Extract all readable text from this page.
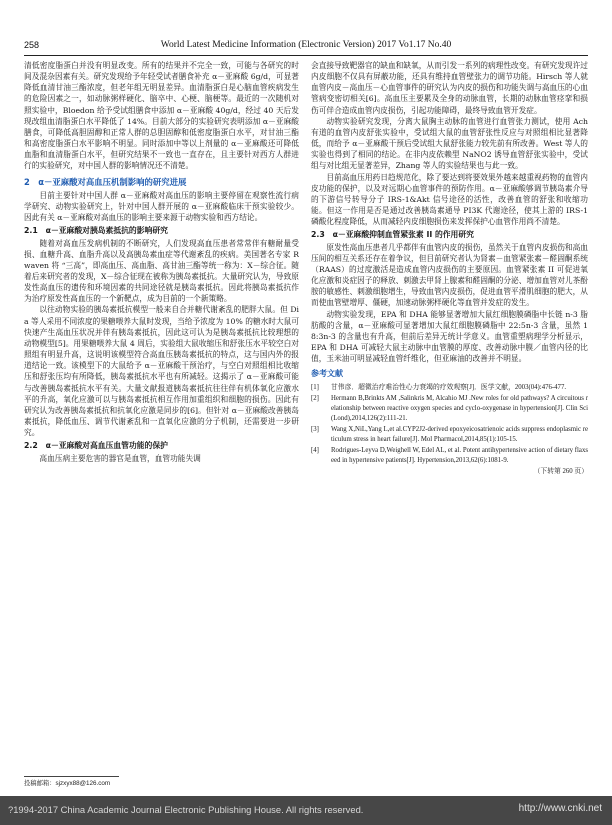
258	World Latest Medicine Information (Electronic Version) 2017 Vo1.17 No.40

清低密度脂蛋白并没有明显改变。所有的结果并不完全一致，可能与各研究的时间及混杂因素有关。研究发现给予年轻受试者膳食补充 α－亚麻酸 6g/d，可显著降低血清甘油三酯浓度，但老年组无明显差异。血清脂蛋白是心脑血管疾病发生的危险因素之一，如动脉粥样硬化、脑卒中、心梗、脑梗等。最近的一次随机对照实验中，Bloedon 给予受试组膳食中添加 α－亚麻酸 40g/d，经过 40 天后发现改组血清脂蛋白水平降低了 14%。目前大部分的实验研究表明添加 α－亚麻酸膳食，可降低高胆固醇和正常人群的总胆固醇和低密度脂蛋白水平，对甘油三酯和高密度脂蛋白水平影响不明显。同时添加中等以上剂量的 α－亚麻酸还可降低血脂和血清脂蛋白水平，但研究结果不一致也一直存在，且主要针对西方人群进行的实验研究，对中国人群的影响情况还不清楚。

2　α－亚麻酸对高血压机制影响的研究进展

目前主要针对中国人群 α－亚麻酸对高血压的影响主要停留在观察性流行病学研究、动物实验研究上，针对中国人群开展的 α－亚麻酸临床干预实验较少。因此有关 α－亚麻酸对高血压的影响主要来源于动物实验和西方结论。

2.1　α－亚麻酸对胰岛素抵抗的影响研究

随着对高血压发病机制的不断研究，人们发现高血压患者常常伴有糖耐量受损、血糖升高、血脂升高以及高胰岛素血症等代谢紊乱的疾病。美国著名专家 Rwaven 将 “三高”，即高血压、高血脂、高甘油三酯等统一称为：X－综合征。随着后来研究者的发现，X－综合征现在被称为胰岛素抵抗。大量研究认为，导致原发性高血压的遗传和环境因素的共同途径就是胰岛素抵抗。因此将胰岛素抵抗作为治疗原发性高血压的一个新靶点，成为目前的一个新策略。

以往动物实验的胰岛素抵抗模型一般来自合并糖代谢紊乱的肥胖大鼠。但 Dia 等人采用不同浓度的果糖喂养大鼠时发现，当给予浓度为 10% 的糖水时大鼠可快速产生高血压状况并伴有胰岛素抵抗，因此这可认为是胰岛素抵抗比较理想的动物模型[5]。用果糖喂养大鼠 4 周后，实验组大鼠收缩压和舒张压水平较空白对照组有明显升高，这说明该模型符合高血压胰岛素抵抗的特点，这与国内外的报道结论一致。该模型下的大鼠给予 α－亚麻酸干预治疗，与空白对照组相比收缩压和舒张压均有所降低，胰岛素抵抗水平也有所减轻。这揭示了 α－亚麻酸可能与改善胰岛素抵抗水平有关。大量文献报道胰岛素抵抗往往伴有机体氧化应激水平的升高，氧化应激可以与胰岛素抵抗相互作用加重组织和细胞的损伤。因此有研究认为改善胰岛素抵抗和抗氧化应激是同步的[6]。但针对 α－亚麻酸改善胰岛素抵抗，降低血压、调节代谢紊乱和一直氧化应激的分子机制，还需要进一步研究。

2.2　α－亚麻酸对高血压血管功能的保护

高血压病主要危害的器官是血管，血管功能失调

会直接导致靶器官的缺血和缺氧，从而引发一系列的病理性改变。有研究发现许过内皮细胞不仅具有屏蔽功能，还具有维持血管壁张力的调节功能。Hirsch 等人就血管内皮－高血压－心血管事件的研究认为内皮的损伤和功能失调与高血压的心血管病变密切相关[6]。高血压主要累及全身的动脉血管，长期的动脉血管痉挛和损伤可伴合造成血管内皮损伤，引起功能障碍，最终导致血管开发症。

动物实验研究发现，分离大鼠胸主动脉的血管进行血管张力测试，使用 Ach 有道的血管内皮舒张实验中，受试组大鼠的血管舒张性反应与对照组相比显著降低，而给予 α－亚麻酸干预后受试组大鼠舒张能力较先前有所改善。West 等人的实验也得到了相同的结论。在非内皮依赖型 NaNO2 诱导血管舒张实验中，受试组与对比组无显著差异，Zhang 等人的实验结果也与此一致。

目前高血压用药日趋规范化，除了要达到将要效果外越来越重视药物的血管内皮功能的保护，以及对远期心血管事件的预防作用。α－亚麻酸够调节胰岛素介导的下游信号转导分子 IRS-1&Akt 信号途径的活性，改善血管的舒张和收缩功能。但这一作用是否是通过改善胰岛素通导 PI3K 代谢途径，使其上游的 IRS-1 磷酸化程度降低，从而减轻内皮细胞损伤来发挥保护心血管作用尚不清楚。

2.3　α－亚麻酸抑制血管紧张素 II 的作用研究

原发性高血压患者几乎都伴有血管内皮的损伤，虽然关于血管内皮损伤和高血压间的相互关系还存在着争议，但目前研究者认为肾素－血管紧张素－醛固酮系统（RAAS）的过度激活是造成血管内皮损伤的主要原因。血管紧张素 II 可促进氧化应激和炎症因子的释放、刺激去甲肾上腺素和醛固酮的分泌、增加血管对儿茶酚胺的敏感性、刺激细胞增生，导致血管内皮损伤，促进血管平滑肌细胞的肥大，从而使血管壁增厚、僵硬，加速动脉粥样硬化等血管并发症的发生。

动物实验发现，EPA 和 DHA 能够显著增加大鼠红细胞膜磷脂中长链 n-3 脂肪酸的含量，α－亚麻酸可显著增加大鼠红细胞膜磷脂中 22:5n-3 含量，虽然 18:3n-3 的含量也有升高，但前后差异无统计学意义。血管重塑病理学分析显示，EPA 和 DHA 可减轻大鼠主动脉中血管膜的厚度、改善动脉中膜／血管内径的比值，玉米油可明显减轻血管纤维化，但亚麻油的改善并不明显。

参考文献
[1]	甘伟彦．超微治疗难治性心力衰竭的疗效观察[J]．医学文献，2003(04):476-477.
[2]	Hermann B,Brinkts AM ,Salinkris M, Alcahio MJ .New roles for old pathways? A circuitous relationship between reactive oxygen species and cyclo-oxygenase in hypertension[J]. Clin Sci (Lond),2014,126(2):111-21.
[3]	Wang X,NiL,Yang L,et al.CYP2J2-derived epoxyeicosatrienoic acids suppress endoplasmic reticulum stress in heart failure[J]. Mol Pharmacol,2014,85(1):105-15.
[4]	Rodrigues-Leyva D,Weighell W, Edel AL, et al. Potent antihypertensive action of dietary flaxseed in hypertensive patients[J]. Hypertension,2013,62(6):1081-9.
（下转第 260 页）
投稿邮箱：sjzxyx88@126.com
?1994-2017 China Academic Journal Electronic Publishing House. All rights reserved.	http://www.cnki.net
